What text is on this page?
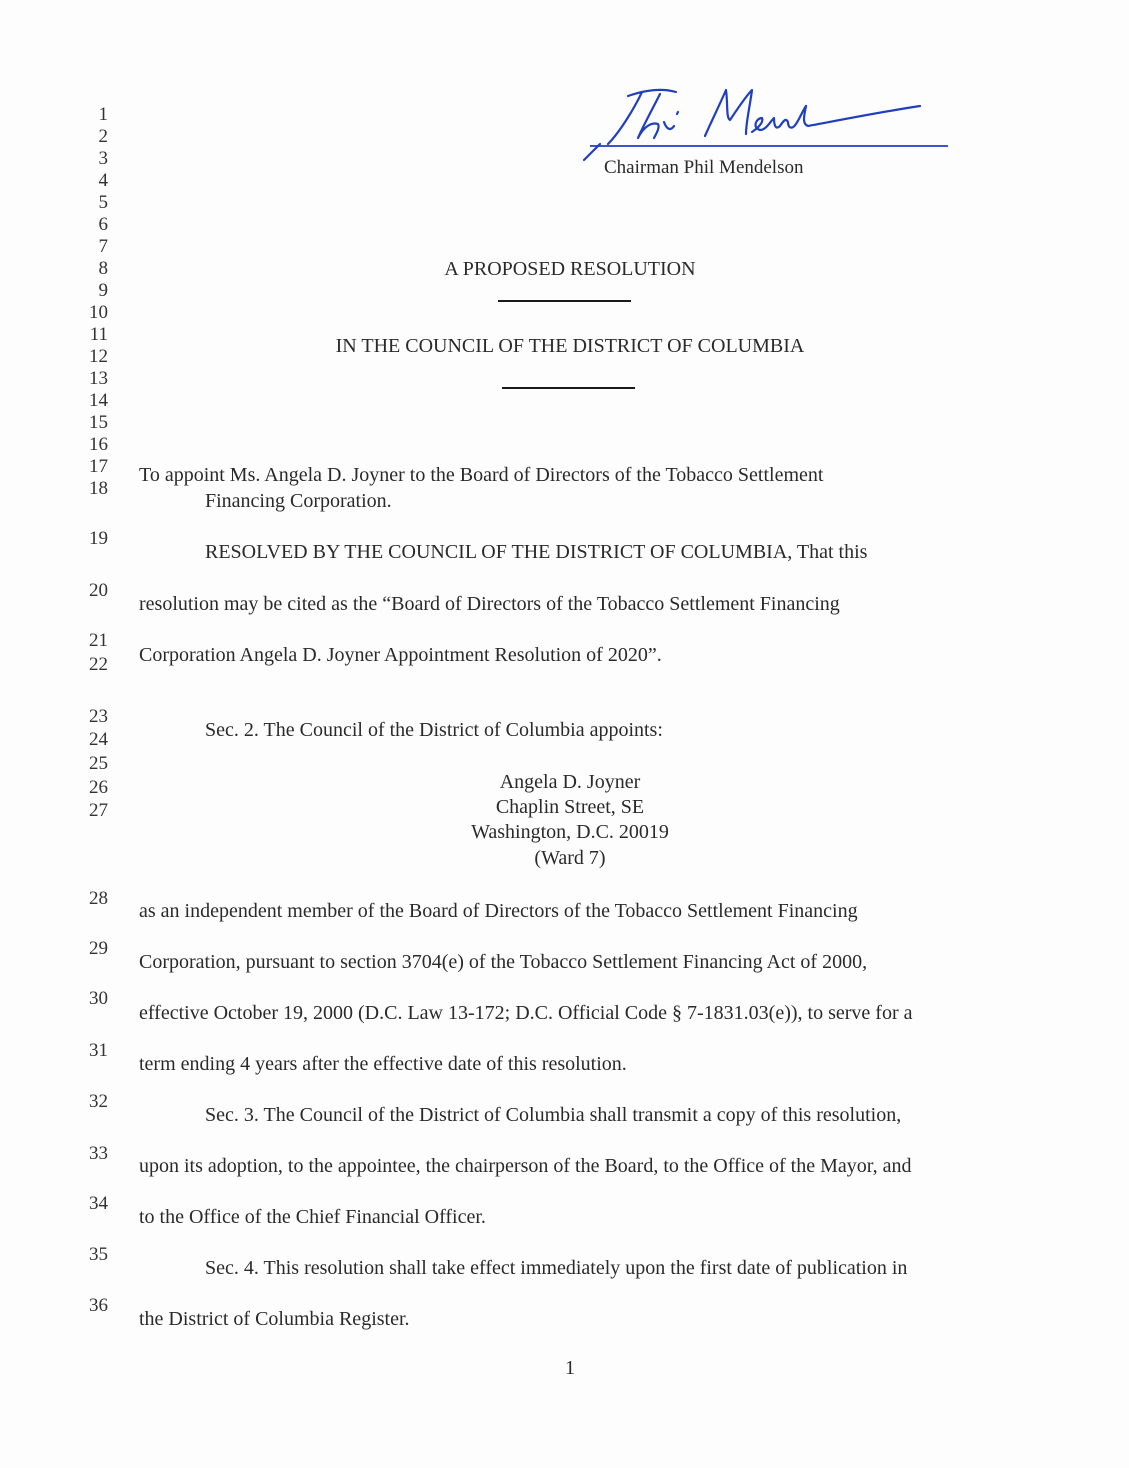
1
2
3
4
5
6
7
8
9
10
11
12
13
14
15
16
17
18
19
20
21
22
23
24
25
26
27
28
29
30
31
32
33
34
35
36
Chairman Phil Mendelson
A PROPOSED RESOLUTION
IN THE COUNCIL OF THE DISTRICT OF COLUMBIA
To appoint Ms. Angela D. Joyner to the Board of Directors of the Tobacco Settlement
Financing Corporation.
RESOLVED BY THE COUNCIL OF THE DISTRICT OF COLUMBIA, That this
resolution may be cited as the “Board of Directors of the Tobacco Settlement Financing
Corporation Angela D. Joyner Appointment Resolution of 2020”.
Sec. 2. The Council of the District of Columbia appoints:
Angela D. Joyner
Chaplin Street, SE
Washington, D.C. 20019
(Ward 7)
as an independent member of the Board of Directors of the Tobacco Settlement Financing
Corporation, pursuant to section 3704(e) of the Tobacco Settlement Financing Act of 2000,
effective October 19, 2000 (D.C. Law 13-172; D.C. Official Code § 7-1831.03(e)), to serve for a
term ending 4 years after the effective date of this resolution.
Sec. 3. The Council of the District of Columbia shall transmit a copy of this resolution,
upon its adoption, to the appointee, the chairperson of the Board, to the Office of the Mayor, and
to the Office of the Chief Financial Officer.
Sec. 4. This resolution shall take effect immediately upon the first date of publication in
the District of Columbia Register.
1
